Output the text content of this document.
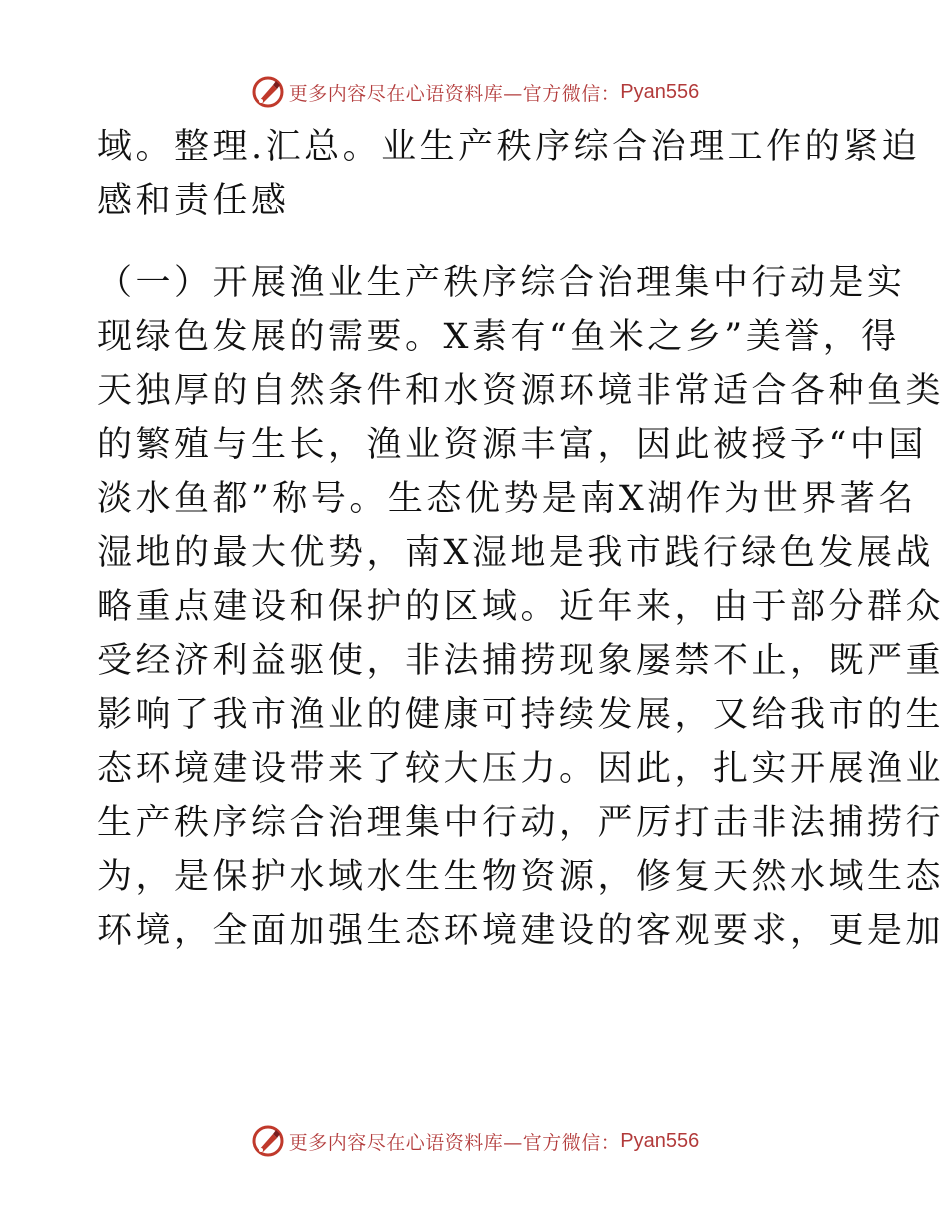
更多内容尽在心语资料库—官方微信： Pyan556
域。整理.汇总。业生产秩序综合治理工作的紧迫
感和责任感
（一）开展渔业生产秩序综合治理集中行动是实
现绿色发展的需要。X素有“鱼米之乡”美誉，得
天独厚的自然条件和水资源环境非常适合各种鱼类
的繁殖与生长，渔业资源丰富，因此被授予“中国
淡水鱼都”称号。生态优势是南X湖作为世界著名
湿地的最大优势，南X湿地是我市践行绿色发展战
略重点建设和保护的区域。近年来，由于部分群众
受经济利益驱使，非法捕捞现象屡禁不止，既严重
影响了我市渔业的健康可持续发展，又给我市的生
态环境建设带来了较大压力。因此，扎实开展渔业
生产秩序综合治理集中行动，严厉打击非法捕捞行
为，是保护水域水生生物资源，修复天然水域生态
环境，全面加强生态环境建设的客观要求，更是加
更多内容尽在心语资料库—官方微信： Pyan556
